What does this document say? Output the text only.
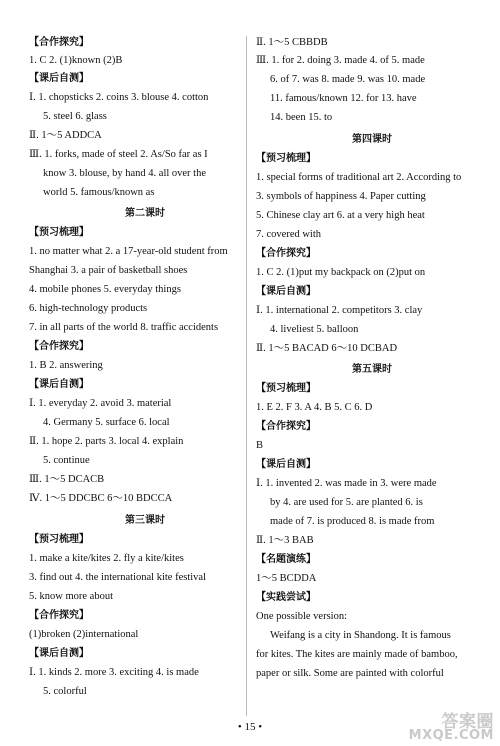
【合作探究】
1. C 2. (1)known (2)B
【课后自测】
Ⅰ. 1. chopsticks 2. coins 3. blouse 4. cotton
5. steel 6. glass
Ⅱ. 1～5 ADDCA
Ⅲ. 1. forks, made of steel 2. As/So far as I
know 3. blouse, by hand 4. all over the
world 5. famous/known as
第二课时
【预习梳理】
1. no matter what 2. a 17-year-old student from
Shanghai 3. a pair of basketball shoes
4. mobile phones 5. everyday things
6. high-technology products
7. in all parts of the world 8. traffic accidents
【合作探究】
1. B 2. answering
【课后自测】
Ⅰ. 1. everyday 2. avoid 3. material
4. Germany 5. surface 6. local
Ⅱ. 1. hope 2. parts 3. local 4. explain
5. continue
Ⅲ. 1～5 DCACB
Ⅳ. 1～5 DDCBC 6～10 BDCCA
第三课时
【预习梳理】
1. make a kite/kites 2. fly a kite/kites
3. find out 4. the international kite festival
5. know more about
【合作探究】
(1)broken (2)international
【课后自测】
Ⅰ. 1. kinds 2. more 3. exciting 4. is made
5. colorful
Ⅱ. 1～5 CBBDB
Ⅲ. 1. for 2. doing 3. made 4. of 5. made
6. of 7. was 8. made 9. was 10. made
11. famous/known 12. for 13. have
14. been 15. to
第四课时
【预习梳理】
1. special forms of traditional art 2. According to
3. symbols of happiness 4. Paper cutting
5. Chinese clay art 6. at a very high heat
7. covered with
【合作探究】
1. C 2. (1)put my backpack on (2)put on
【课后自测】
Ⅰ. 1. international 2. competitors 3. clay
4. liveliest 5. balloon
Ⅱ. 1～5 BACAD 6～10 DCBAD
第五课时
【预习梳理】
1. E 2. F 3. A 4. B 5. C 6. D
【合作探究】
B
【课后自测】
Ⅰ. 1. invented 2. was made in 3. were made
by 4. are used for 5. are planted 6. is
made of 7. is produced 8. is made from
Ⅱ. 1～3 BAB
【名题演练】
1～5 BCDDA
【实践尝试】
One possible version:
Weifang is a city in Shandong. It is famous
for kites. The kites are mainly made of bamboo,
paper or silk. Some are painted with colorful
• 15 •	答案圈
MXQE.COM
